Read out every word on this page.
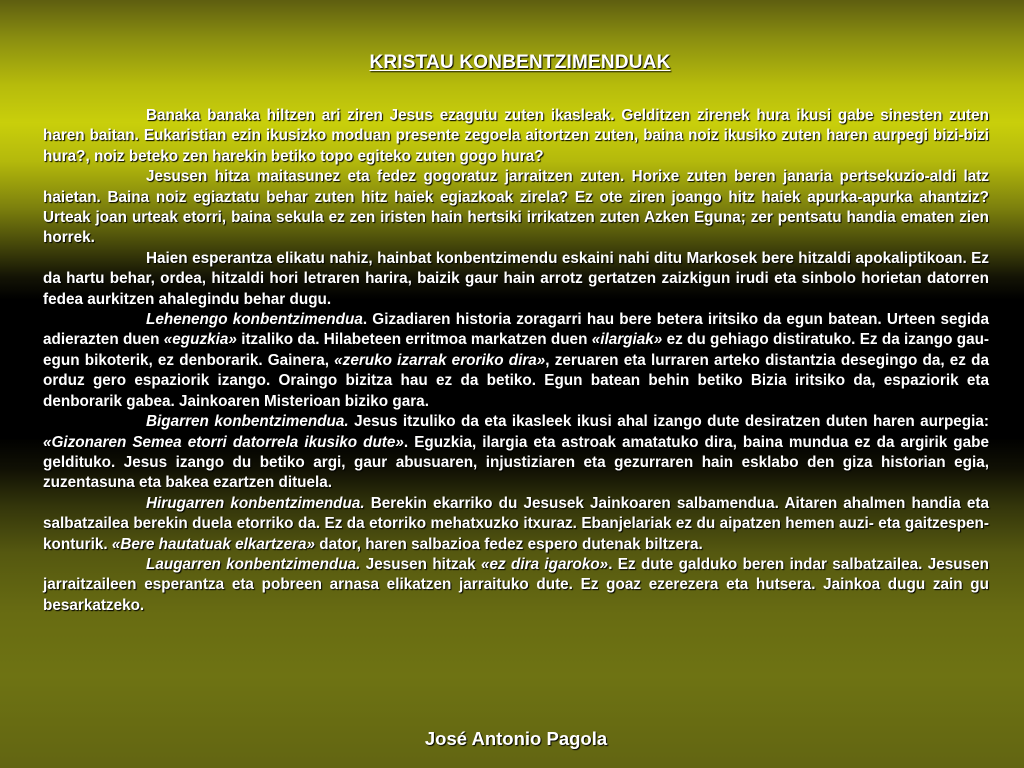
KRISTAU KONBENTZIMENDUAK

Banaka banaka hiltzen ari ziren Jesus ezagutu zuten ikasleak. Gelditzen zirenek hura ikusi gabe sinesten zuten haren baitan. Eukaristian ezin ikusizko moduan presente zegoela aitortzen zuten, baina noiz ikusiko zuten haren aurpegi bizi-bizi hura?, noiz beteko zen harekin betiko topo egiteko zuten gogo hura?

Jesusen hitza maitasunez eta fedez gogoratuz jarraitzen zuten. Horixe zuten beren janaria pertsekuzio-aldi latz haietan. Baina noiz egiaztatu behar zuten hitz haiek egiazkoak zirela? Ez ote ziren joango hitz haiek apurka-apurka ahantziz? Urteak joan urteak etorri, baina sekula ez zen iristen hain hertsiki irrikatzen zuten Azken Eguna; zer pentsatu handia ematen zien horrek.

Haien esperantza elikatu nahiz, hainbat konbentzimendu eskaini nahi ditu Markosek bere hitzaldi apokaliptikoan. Ez da hartu behar, ordea, hitzaldi hori letraren harira, baizik gaur hain arrotz gertatzen zaizkigun irudi eta sinbolo horietan datorren fedea aurkitzen ahalegindu behar dugu.

Lehenengo konbentzimendua. Gizadiaren historia zoragarri hau bere betera iritsiko da egun batean. Urteen segida adierazten duen «eguzkia» itzaliko da. Hilabeteen erritmoa markatzen duen «ilargiak» ez du gehiago distiratuko. Ez da izango gau-egun bikoterik, ez denborarik. Gainera, «zeruko izarrak eroriko dira», zeruaren eta lurraren arteko distantzia desegingo da, ez da orduz gero espaziorik izango. Oraingo bizitza hau ez da betiko. Egun batean behin betiko Bizia iritsiko da, espaziorik eta denborarik gabea. Jainkoaren Misterioan biziko gara.

Bigarren konbentzimendua. Jesus itzuliko da eta ikasleek ikusi ahal izango dute desiratzen duten haren aurpegia: «Gizonaren Semea etorri datorrela ikusiko dute». Eguzkia, ilargia eta astroak amatatuko dira, baina mundua ez da argirik gabe geldituko. Jesus izango du betiko argi, gaur abusuaren, injustiziaren eta gezurraren hain esklabo den giza historian egia, zuzentasuna eta bakea ezartzen dituela.

Hirugarren konbentzimendua. Berekin ekarriko du Jesusek Jainkoaren salbamendua. Aitaren ahalmen handia eta salbatzailea berekin duela etorriko da. Ez da etorriko mehatxuzko itxuraz. Ebanjelariak ez du aipatzen hemen auzi- eta gaitzespen-konturik. «Bere hautatuak elkartzera» dator, haren salbazioa fedez espero dutenak biltzera.

Laugarren konbentzimendua. Jesusen hitzak «ez dira igaroko». Ez dute galduko beren indar salbatzailea. Jesusen jarraitzaileen esperantza eta pobreen arnasa elikatzen jarraituko dute. Ez goaz ezerezera eta hutsera. Jainkoa dugu zain gu besarkatzeko.

José Antonio Pagola
